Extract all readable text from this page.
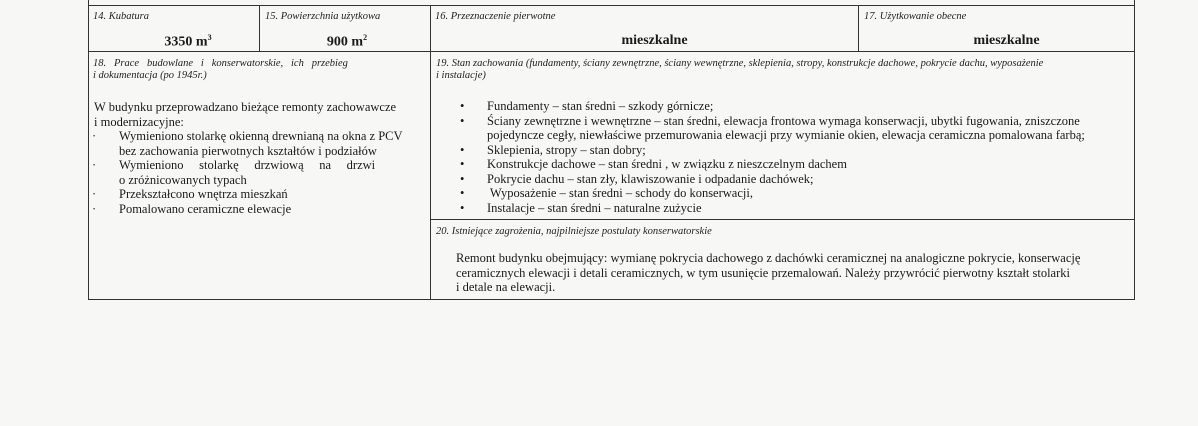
14. Kubatura
3350 $m^3$
15. Powierzchnia użytkowa
900 $m^2$
16. Przeznaczenie pierwotne
mieszkalne
17. Użytkowanie obecne
mieszkalne
18.   Prace   budowlane   i   konserwatorskie,   ich   przebieg
i dokumentacja (po 1945r.)
W budynku przeprowadzano bieżące remonty zachowawcze
i modernizacyjne:
· Wymieniono stolarkę okienną drewnianą na okna z PCV
bez zachowania pierwotnych kształtów i podziałów
· Wymieniono     stolarkę     drzwiową     na     drzwi
o zróżnicowanych typach
· Przekształcono wnętrza mieszkań
· Pomalowano ceramiczne elewacje
19. Stan zachowania (fundamenty, ściany zewnętrzne, ściany wewnętrzne, sklepienia, stropy, konstrukcje dachowe, pokrycie dachu, wyposażenie
i instalacje)
• Fundamenty – stan średni – szkody górnicze;
• Ściany zewnętrzne i wewnętrzne – stan średni, elewacja frontowa wymaga konserwacji, ubytki fugowania, zniszczone
pojedyncze cegły, niewłaściwe przemurowania elewacji przy wymianie okien, elewacja ceramiczna pomalowana farbą;
• Sklepienia, stropy – stan dobry;
• Konstrukcje dachowe – stan średni , w związku z nieszczelnym dachem
• Pokrycie dachu – stan zły, klawiszowanie i odpadanie dachówek;
• Wyposażenie – stan średni – schody do konserwacji,
• Instalacje – stan średni – naturalne zużycie
20. Istniejące zagrożenia, najpilniejsze postulaty konserwatorskie
Remont budynku obejmujący: wymianę pokrycia dachowego z dachówki ceramicznej na analogiczne pokrycie, konserwację
ceramicznych elewacji i detali ceramicznych, w tym usunięcie przemalowań. Należy przywrócić pierwotny kształt stolarki
i detale na elewacji.
